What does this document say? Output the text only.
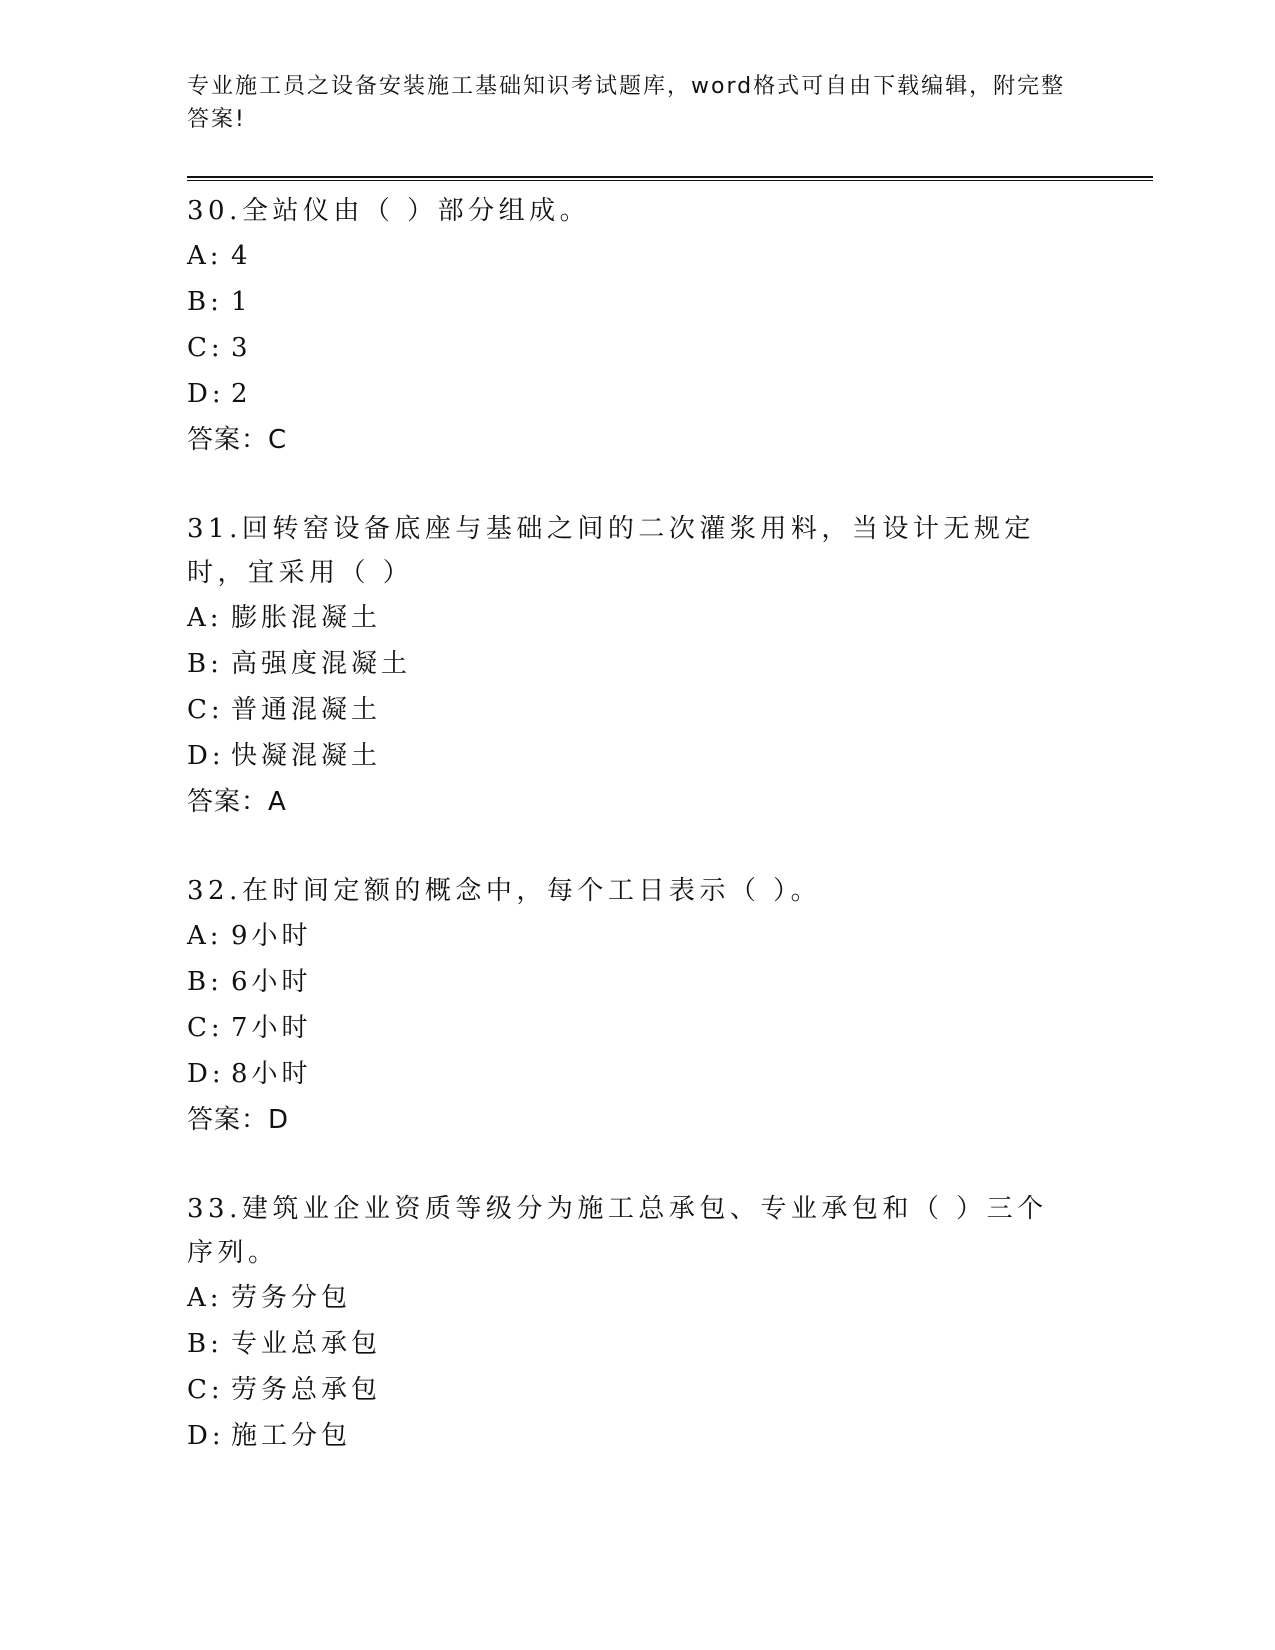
专业施工员之设备安装施工基础知识考试题库，word格式可自由下载编辑，附完整答案!

30.全站仪由（ ）部分组成。

A: 4
B: 1
C: 3
D: 2

答案：C

31.回转窑设备底座与基础之间的二次灌浆用料，当设计无规定时，宜采用（ ）

A: 膨胀混凝土
B: 高强度混凝土
C: 普通混凝土
D: 快凝混凝土

答案：A

32.在时间定额的概念中，每个工日表示（ ）。

A: 9小时
B: 6小时
C: 7小时
D: 8小时

答案：D

33.建筑业企业资质等级分为施工总承包、专业承包和（ ）三个序列。

A: 劳务分包
B: 专业总承包
C: 劳务总承包
D: 施工分包
